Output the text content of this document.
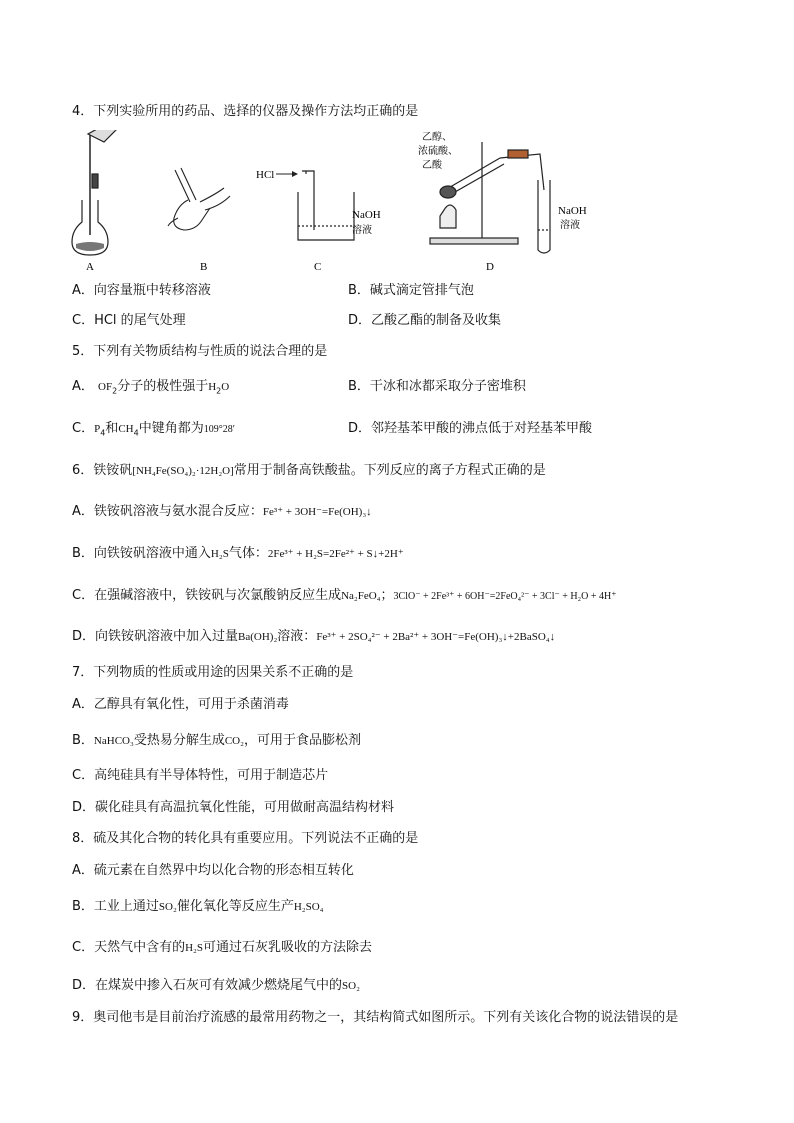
4．下列实验所用的药品、选择的仪器及操作方法均正确的是
A	B
HCl
NaOH
溶液
C
乙醇、
浓硫酸、
乙酸
NaOH
溶液
D
A．向容量瓶中转移溶液	B．碱式滴定管排气泡
C．HCl 的尾气处理	D．乙酸乙酯的制备及收集
5．下列有关物质结构与性质的说法合理的是
A． $OF_2$分子的极性强于$H_2O$	B．干冰和冰都采取分子密堆积
C．$P_4$和$CH_4$中键角都为109°28′	D．邻羟基苯甲酸的沸点低于对羟基苯甲酸
6．铁铵矾[NH₄Fe(SO₄)₂·12H₂O]常用于制备高铁酸盐。下列反应的离子方程式正确的是
A．铁铵矾溶液与氨水混合反应：Fe³⁺ + 3OH⁻=Fe(OH)₃↓
B．向铁铵矾溶液中通入H₂S气体：2Fe³⁺ + H₂S=2Fe²⁺ + S↓+2H⁺
C．在强碱溶液中，铁铵矾与次氯酸钠反应生成Na₂FeO₄；3ClO⁻ + 2Fe³⁺ + 6OH⁻=2FeO₄²⁻ + 3Cl⁻ + H₂O + 4H⁺
D．向铁铵矾溶液中加入过量Ba(OH)₂溶液：Fe³⁺ + 2SO₄²⁻ + 2Ba²⁺ + 3OH⁻=Fe(OH)₃↓+2BaSO₄↓
7．下列物质的性质或用途的因果关系不正确的是
A．乙醇具有氧化性，可用于杀菌消毒
B．NaHCO₃受热易分解生成CO₂，可用于食品膨松剂
C．高纯硅具有半导体特性，可用于制造芯片
D．碳化硅具有高温抗氧化性能，可用做耐高温结构材料
8．硫及其化合物的转化具有重要应用。下列说法不正确的是
A．硫元素在自然界中均以化合物的形态相互转化
B．工业上通过SO₂催化氧化等反应生产H₂SO₄
C．天然气中含有的H₂S可通过石灰乳吸收的方法除去
D．在煤炭中掺入石灰可有效减少燃烧尾气中的SO₂
9．奥司他韦是目前治疗流感的最常用药物之一，其结构简式如图所示。下列有关该化合物的说法错误的是
